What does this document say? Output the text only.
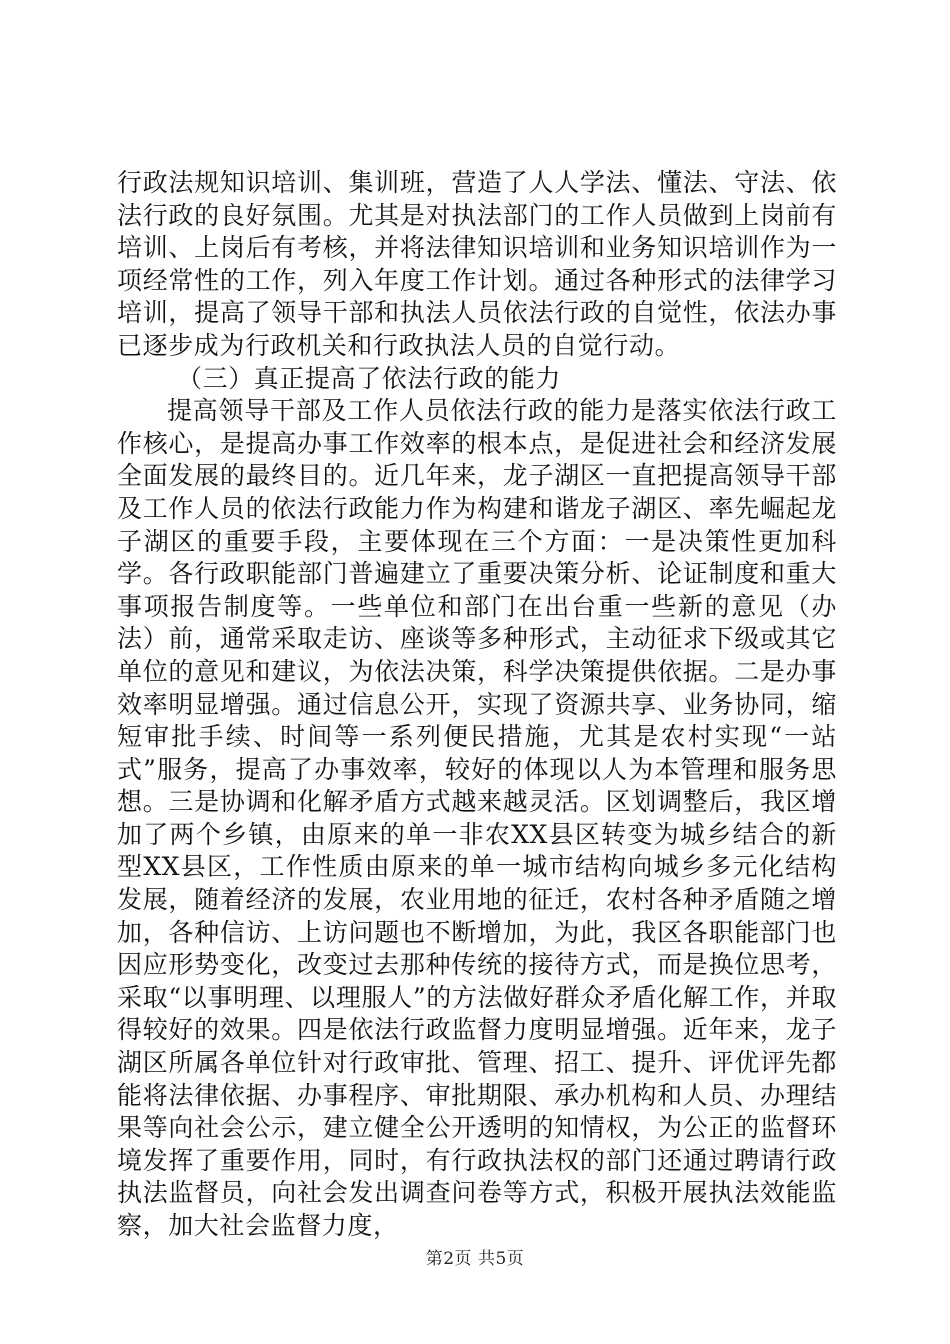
行政法规知识培训、集训班，营造了人人学法、懂法、守法、依法行政的良好氛围。尤其是对执法部门的工作人员做到上岗前有培训、上岗后有考核，并将法律知识培训和业务知识培训作为一项经常性的工作，列入年度工作计划。通过各种形式的法律学习培训，提高了领导干部和执法人员依法行政的自觉性，依法办事已逐步成为行政机关和行政执法人员的自觉行动。

（三）真正提高了依法行政的能力

提高领导干部及工作人员依法行政的能力是落实依法行政工作核心，是提高办事工作效率的根本点，是促进社会和经济发展全面发展的最终目的。近几年来，龙子湖区一直把提高领导干部及工作人员的依法行政能力作为构建和谐龙子湖区、率先崛起龙子湖区的重要手段，主要体现在三个方面：一是决策性更加科学。各行政职能部门普遍建立了重要决策分析、论证制度和重大事项报告制度等。一些单位和部门在出台重一些新的意见（办法）前，通常采取走访、座谈等多种形式，主动征求下级或其它单位的意见和建议，为依法决策，科学决策提供依据。二是办事效率明显增强。通过信息公开，实现了资源共享、业务协同，缩短审批手续、时间等一系列便民措施，尤其是农村实现“一站式”服务，提高了办事效率，较好的体现以人为本管理和服务思想。三是协调和化解矛盾方式越来越灵活。区划调整后，我区增加了两个乡镇，由原来的单一非农XX县区转变为城乡结合的新型XX县区，工作性质由原来的单一城市结构向城乡多元化结构发展，随着经济的发展，农业用地的征迁，农村各种矛盾随之增加，各种信访、上访问题也不断增加，为此，我区各职能部门也因应形势变化，改变过去那种传统的接待方式，而是换位思考，采取“以事明理、以理服人”的方法做好群众矛盾化解工作，并取得较好的效果。四是依法行政监督力度明显增强。近年来，龙子湖区所属各单位针对行政审批、管理、招工、提升、评优评先都能将法律依据、办事程序、审批期限、承办机构和人员、办理结果等向社会公示，建立健全公开透明的知情权，为公正的监督环境发挥了重要作用，同时，有行政执法权的部门还通过聘请行政执法监督员，向社会发出调查问卷等方式，积极开展执法效能监察，加大社会监督力度，

第2页 共5页
